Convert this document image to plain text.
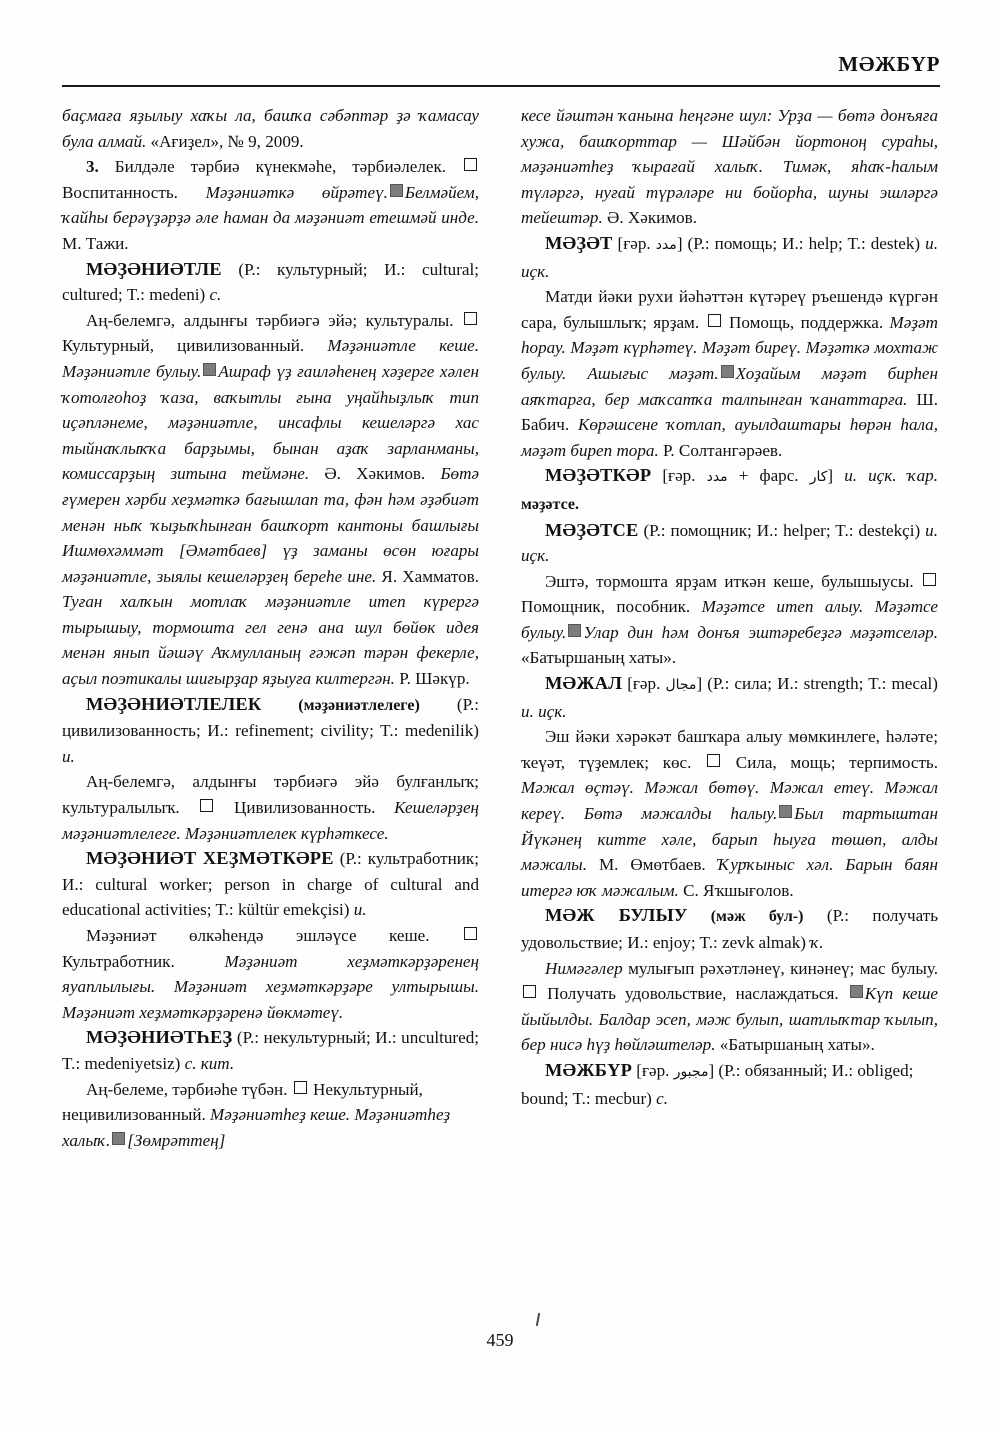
МӘЖБҮР

баҫмаға яҙылыу хаҡы ла, башҡа сәбәптәр ҙә ҡамасау була алмай. «Ағиҙел», № 9, 2009.

3. Билдәле тәрбиә күнекмәһе, тәрбиәлелек.  Воспитанность. Мәҙәниәткә өйрәтеү. Белмәйем, ҡайһы берәүҙәрҙә әле һаман да мәҙәниәт етешмәй инде. М. Тажи.

МӘҘӘНИӘТЛЕ (Р.: культурный; И.: cultural; cultured; T.: medeni) с.

Аң-белемгә, алдынғы тәрбиәгә эйә; культуралы.  Культурный, цивилизованный. Мәҙәниәтле кеше. Мәҙәниәтле булыу. Ашраф үҙ ғаиләһенең хәҙерге хәлен ҡотолғоһоҙ ҡаза, ваҡытлы ғына уңайһыҙлыҡ тип иҫәпләнеме, мәҙәниәтле, инсафлы кешеләргә хас тыйнаҡлыҡҡа барҙымы, бынан аҙаҡ зарланманы, комиссарҙың зитына теймәне. Ә. Хәкимов. Бөтә ғүмерен хәрби хеҙмәткә бағышлап та, фән һәм әҙәбиәт менән ныҡ ҡыҙыҡһынған башҡорт кантоны башлығы Ишмөхәммәт [Әмәтбаев] үҙ заманы өсөн юғары мәҙәниәтле, зыялы кешеләрҙең береһе ине. Я. Хамматов. Туған халҡын мотлаҡ мәҙәниәтле итеп күрергә тырышыу, тормошта гел генә ана шул бөйөк идея менән янып йәшәү Аҡмулланың ғәжәп тәрән фекерле, аҫыл поэтикалы шиғырҙар яҙыуға килтергән. Р. Шәкүр.

МӘҘӘНИӘТЛЕЛЕК (мәҙәниәтлелеге) (Р.: цивилизованность; И.: refinement; civility; T.: medenilik) и.

Аң-белемгә, алдынғы тәрбиәгә эйә булғанлыҡ; культуралылыҡ.  Цивилизованность. Кешеләрҙең мәҙәниәтлелеге. Мәҙәниәтлелек күрһәткесе.

МӘҘӘНИӘТ ХЕҘМӘТКӘРЕ (Р.: культработник; И.: cultural worker; person in charge of cultural and educational activities; T.: kültür emekçisi) и.

Мәҙәниәт өлкәһендә эшләүсе кеше.  Культработник. Мәҙәниәт хеҙмәткәрҙәренең яуаплылығы. Мәҙәниәт хеҙмәткәрҙәре ултырышы. Мәҙәниәт хеҙмәткәрҙәренә йөкмәтеү.

МӘҘӘНИӘТҺЕҘ (Р.: некультурный; И.: uncultured; T.: medeniyetsiz) с. кит.

Аң-белеме, тәрбиәһе түбән.  Некультурный, нецивилизованный. Мәҙәниәтһеҙ кеше. Мәҙәниәтһеҙ халыҡ. [Зөмрәттең]

кесе йәштән ҡанына һеңгәне шул: Урҙа — бөтә донъяға хужа, башҡорттар — Шәйбән йортоноң сураһы, мәҙәниәтһеҙ ҡырағай халыҡ. Тимәк, яһаҡ-һалым түләргә, нуғай түрәләре ни бойорһа, шуны эшләргә тейештәр. Ә. Хәкимов.

МӘҘӘТ [ғәр. مدد] (Р.: помощь; И.: help; T.: destek) и. иҫк.

Матди йәки рухи йәһәттән күтәреү ръешендә күргән сара, булышлыҡ; ярҙам.  Помощь, поддержка. Мәҙәт һорау. Мәҙәт күрһәтеү. Мәҙәт биреү. Мәҙәткә мохтаж булыу. Ашығыс мәҙәт. Хоҙайым мәҙәт бирһен аяҡтарға, бер маҡсатҡа талпынған ҡанаттарға. Ш. Бабич. Көрәшсене ҡотлап, ауылдаштары һөрән һала, мәҙәт биреп тора. Р. Солтангәрәев.

МӘҘӘТКӘР [ғәр. مدد + фарс. كار] и. иҫк. ҡар. мәҙәтсе.

МӘҘӘТСЕ (Р.: помощник; И.: helper; T.: destekçi) и. иҫк.

Эштә, тормошта ярҙам иткән кеше, булышыусы.  Помощник, пособник. Мәҙәтсе итеп алыу. Мәҙәтсе булыу. Улар дин һәм донъя эштәребеҙгә мәҙәтселәр. «Батыршаның хаты».

МӘЖАЛ [ғәр. مجال] (Р.: сила; И.: strength; T.: mecal) и. иҫк.

Эш йәки хәрәкәт башҡара алыу мөмкинлеге, һәләте; ҡеүәт, түҙемлек; көс.  Сила, мощь; терпимость. Мәжал өҫтәү. Мәжал бөтөү. Мәжал етеү. Мәжал кереү. Бөтә мәжалды һалыу. Был тартыштан Йүкәнең китте хәле, барып һыуға төшөп, алды мәжалы. М. Өмөтбаев. Ҡурҡыныс хәл. Барын баян итергә юҡ мәжалым. С. Яҡшығолов.

МӘЖ БУЛЫУ (мәж бул-) (Р.: получать удовольствие; И.: enjoy; T.: zevk almak) ҡ.

Нимәгәлер мулығып рәхәтләнеү, кинәнеү; мас булыу.  Получать удовольствие, наслаждаться. Күп кеше йыйылды. Балдар эсеп, мәж булып, шатлыҡтар ҡылып, бер нисә һүҙ һөйләштеләр. «Батыршаның хаты».

МӘЖБҮР [ғәр. مجبور] (Р.: обязанный; И.: obliged; bound; T.: mecbur) с.

459
